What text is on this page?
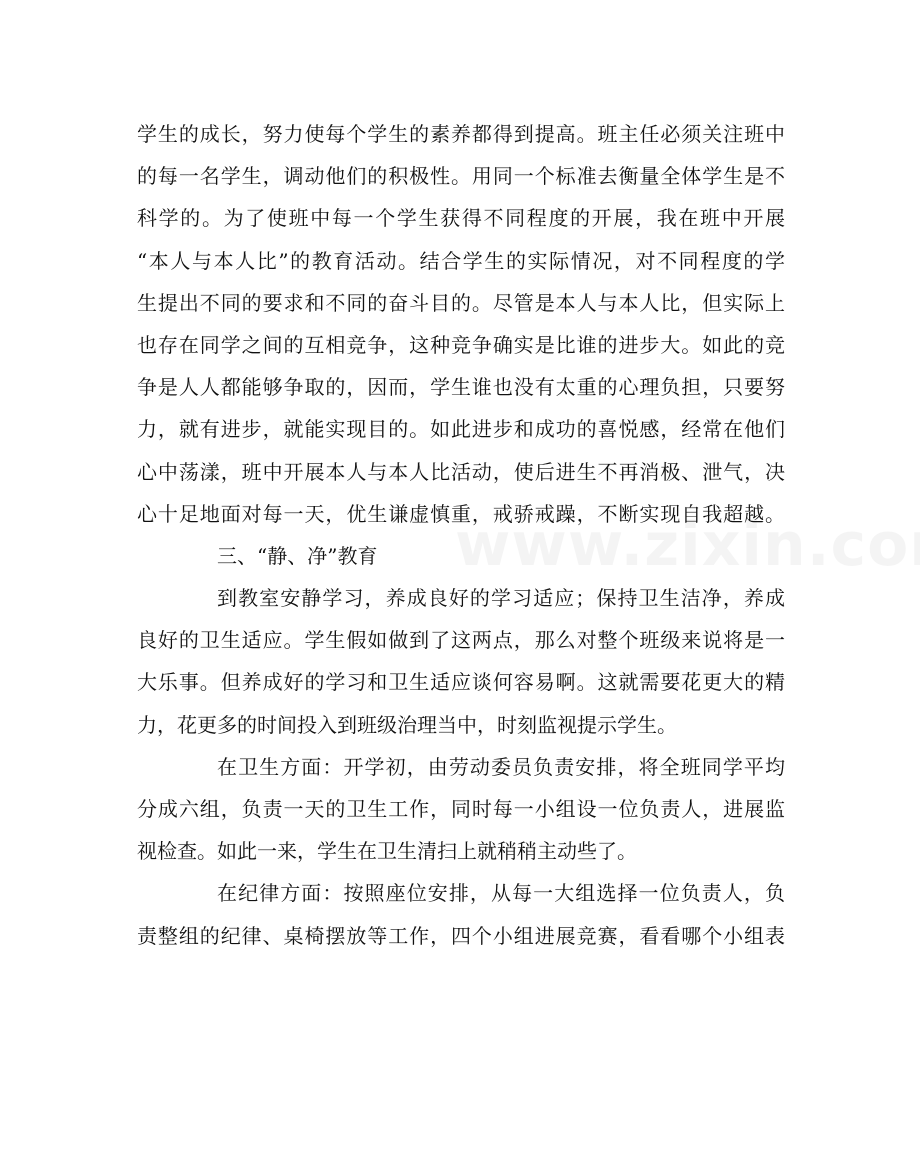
学生的成长，努力使每个学生的素养都得到提高。班主任必须关注班中
的每一名学生，调动他们的积极性。用同一个标准去衡量全体学生是不
科学的。为了使班中每一个学生获得不同程度的开展，我在班中开展
“本人与本人比”的教育活动。结合学生的实际情况，对不同程度的学
生提出不同的要求和不同的奋斗目的。尽管是本人与本人比，但实际上
也存在同学之间的互相竞争，这种竞争确实是比谁的进步大。如此的竞
争是人人都能够争取的，因而，学生谁也没有太重的心理负担，只要努
力，就有进步，就能实现目的。如此进步和成功的喜悦感，经常在他们
心中荡漾，班中开展本人与本人比活动，使后进生不再消极、泄气，决
心十足地面对每一天，优生谦虚慎重，戒骄戒躁，不断实现自我超越。
三、“静、净”教育
到教室安静学习，养成良好的学习适应；保持卫生洁净，养成
良好的卫生适应。学生假如做到了这两点，那么对整个班级来说将是一
大乐事。但养成好的学习和卫生适应谈何容易啊。这就需要花更大的精
力，花更多的时间投入到班级治理当中，时刻监视提示学生。
在卫生方面：开学初，由劳动委员负责安排，将全班同学平均
分成六组，负责一天的卫生工作，同时每一小组设一位负责人，进展监
视检查。如此一来，学生在卫生清扫上就稍稍主动些了。
在纪律方面：按照座位安排，从每一大组选择一位负责人，负
责整组的纪律、桌椅摆放等工作，四个小组进展竞赛，看看哪个小组表
